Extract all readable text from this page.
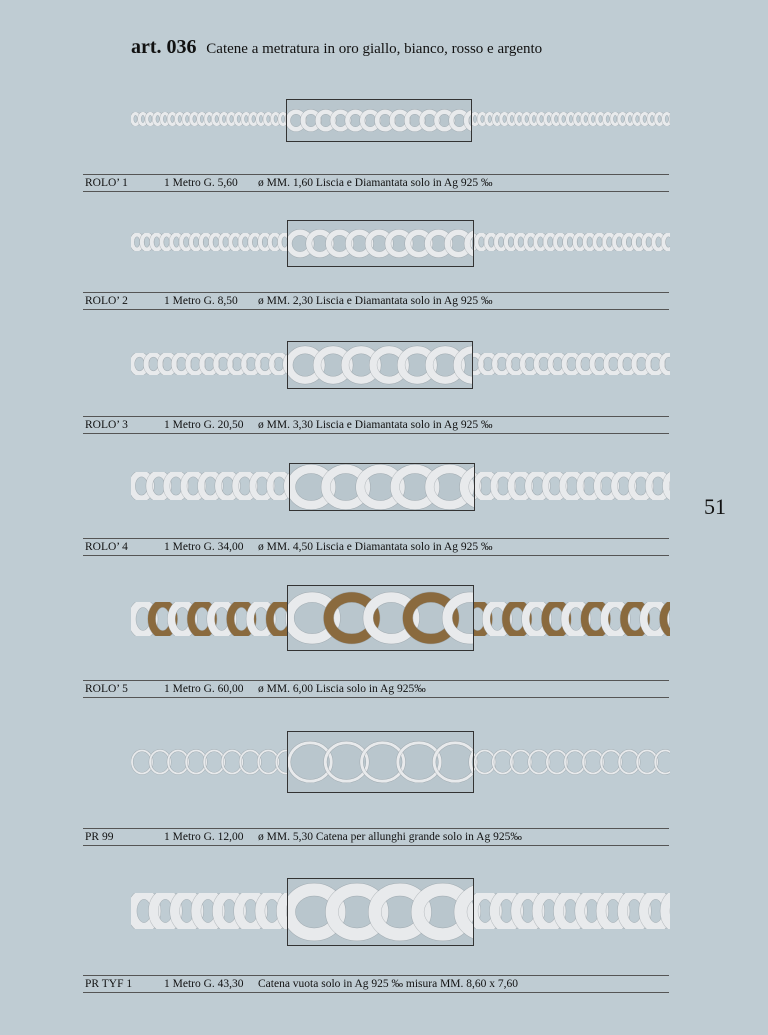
art. 036 Catene a metratura in oro giallo, bianco, rosso e argento
51
ROLO’ 1	1 Metro G. 5,60 ø MM. 1,60 Liscia e Diamantata solo in Ag 925 ‰
ROLO’ 2	1 Metro G. 8,50 ø MM. 2,30 Liscia e Diamantata solo in Ag 925 ‰
ROLO’ 3	1 Metro G. 20,50 ø MM. 3,30 Liscia e Diamantata solo in Ag 925 ‰
ROLO’ 4	1 Metro G. 34,00 ø MM. 4,50 Liscia e Diamantata solo in Ag 925 ‰
ROLO’ 5	1 Metro G. 60,00 ø MM. 6,00 Liscia solo in Ag 925‰
PR 99	1 Metro G. 12,00 ø MM. 5,30 Catena per allunghi grande solo in Ag 925‰
PR TYF 1	1 Metro G. 43,30 Catena vuota solo in Ag 925 ‰ misura MM. 8,60 x 7,60
